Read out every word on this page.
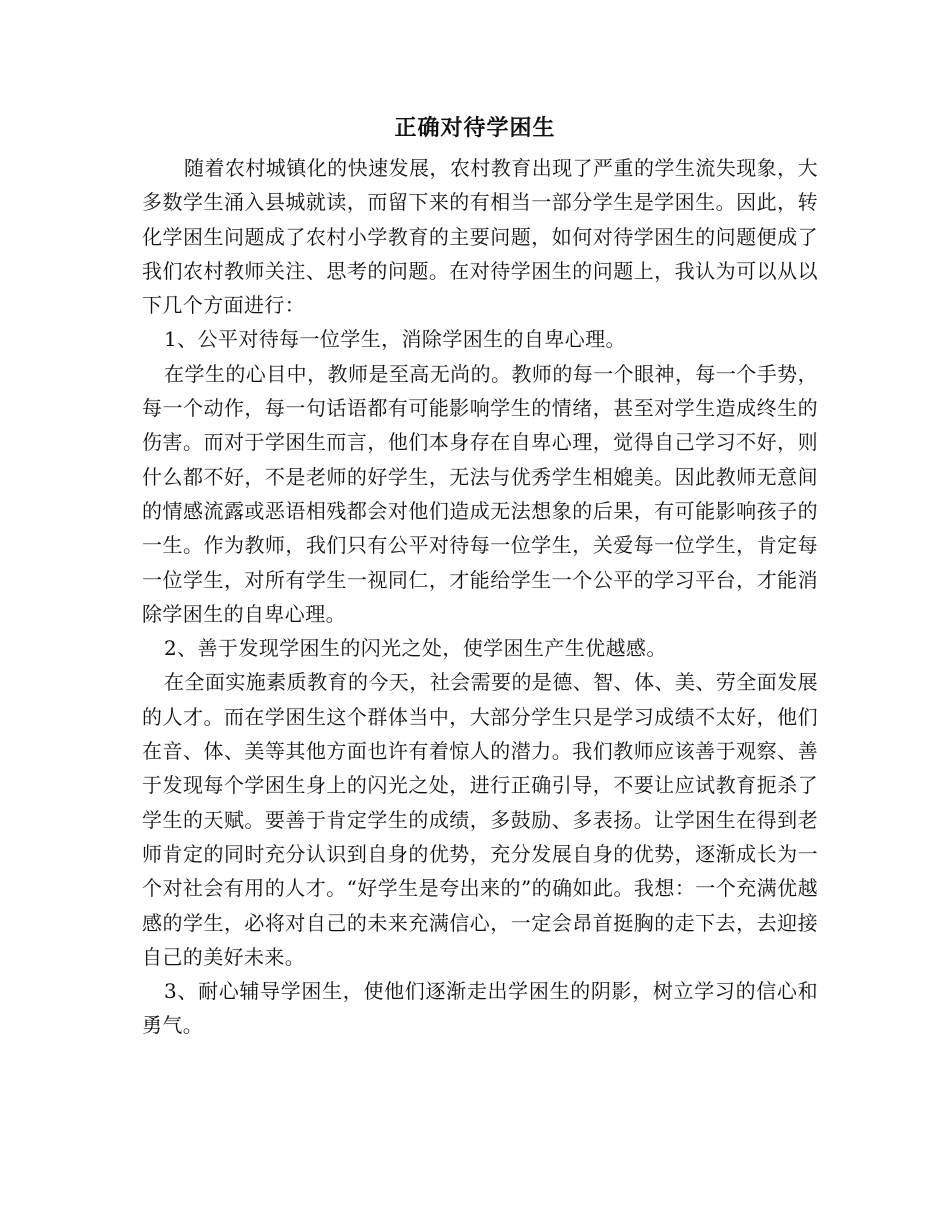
正确对待学困生

随着农村城镇化的快速发展，农村教育出现了严重的学生流失现象，大多数学生涌入县城就读，而留下来的有相当一部分学生是学困生。因此，转化学困生问题成了农村小学教育的主要问题，如何对待学困生的问题便成了我们农村教师关注、思考的问题。在对待学困生的问题上，我认为可以从以下几个方面进行：

1、公平对待每一位学生，消除学困生的自卑心理。

在学生的心目中，教师是至高无尚的。教师的每一个眼神，每一个手势，每一个动作，每一句话语都有可能影响学生的情绪，甚至对学生造成终生的伤害。而对于学困生而言，他们本身存在自卑心理，觉得自己学习不好，则什么都不好，不是老师的好学生，无法与优秀学生相媲美。因此教师无意间的情感流露或恶语相残都会对他们造成无法想象的后果，有可能影响孩子的一生。作为教师，我们只有公平对待每一位学生，关爱每一位学生，肯定每一位学生，对所有学生一视同仁，才能给学生一个公平的学习平台，才能消除学困生的自卑心理。

2、善于发现学困生的闪光之处，使学困生产生优越感。

在全面实施素质教育的今天，社会需要的是德、智、体、美、劳全面发展的人才。而在学困生这个群体当中，大部分学生只是学习成绩不太好，他们在音、体、美等其他方面也许有着惊人的潜力。我们教师应该善于观察、善于发现每个学困生身上的闪光之处，进行正确引导，不要让应试教育扼杀了学生的天赋。要善于肯定学生的成绩，多鼓励、多表扬。让学困生在得到老师肯定的同时充分认识到自身的优势，充分发展自身的优势，逐渐成长为一个对社会有用的人才。“好学生是夸出来的”的确如此。我想：一个充满优越感的学生，必将对自己的未来充满信心，一定会昂首挺胸的走下去，去迎接自己的美好未来。

3、耐心辅导学困生，使他们逐渐走出学困生的阴影，树立学习的信心和勇气。
